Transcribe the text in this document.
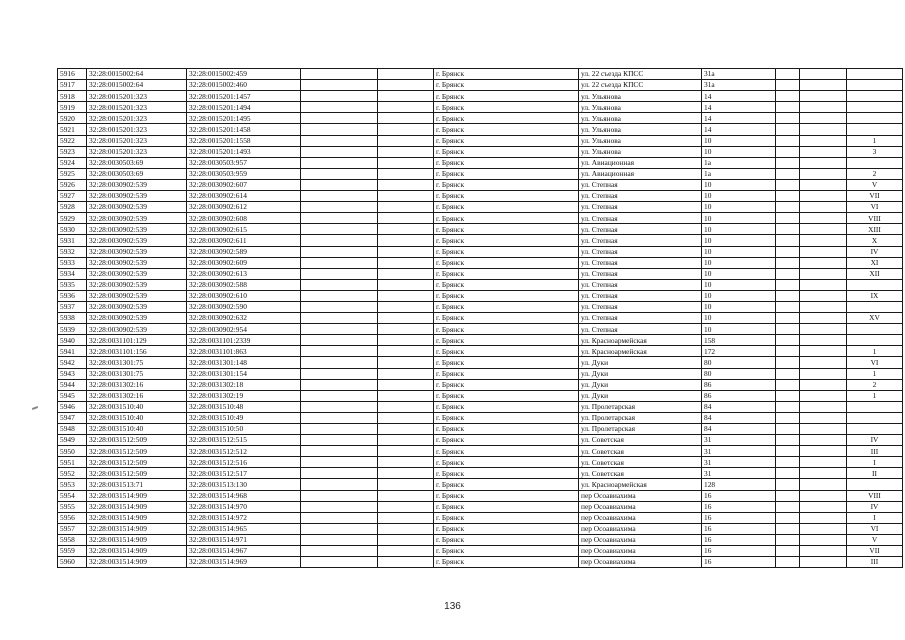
5916	32:28:0015002:64	32:28:0015002:459			г. Брянск	ул. 22 съезда КПСС	31а			
5917	32:28:0015002:64	32:28:0015002:460			г. Брянск	ул. 22 съезда КПСС	31а			
5918	32:28:0015201:323	32:28:0015201:1457			г. Брянск	ул. Ульянова	14			
5919	32:28:0015201:323	32:28:0015201:1494			г. Брянск	ул. Ульянова	14			
5920	32:28:0015201:323	32:28:0015201:1495			г. Брянск	ул. Ульянова	14			
5921	32:28:0015201:323	32:28:0015201:1458			г. Брянск	ул. Ульянова	14			
5922	32:28:0015201:323	32:28:0015201:1558			г. Брянск	ул. Ульянова	10			1
5923	32:28:0015201:323	32:28:0015201:1493			г. Брянск	ул. Ульянова	10			3
5924	32:28:0030503:69	32:28:0030503:957			г. Брянск	ул. Авиационная	1а			
5925	32:28:0030503:69	32:28:0030503:959			г. Брянск	ул. Авиационная	1а			2
5926	32:28:0030902:539	32:28:0030902:607			г. Брянск	ул. Степная	10			V
5927	32:28:0030902:539	32:28:0030902:614			г. Брянск	ул. Степная	10			VII
5928	32:28:0030902:539	32:28:0030902:612			г. Брянск	ул. Степная	10			VI
5929	32:28:0030902:539	32:28:0030902:608			г. Брянск	ул. Степная	10			VIII
5930	32:28:0030902:539	32:28:0030902:615			г. Брянск	ул. Степная	10			XIII
5931	32:28:0030902:539	32:28:0030902:611			г. Брянск	ул. Степная	10			X
5932	32:28:0030902:539	32:28:0030902:589			г. Брянск	ул. Степная	10			IV
5933	32:28:0030902:539	32:28:0030902:609			г. Брянск	ул. Степная	10			XI
5934	32:28:0030902:539	32:28:0030902:613			г. Брянск	ул. Степная	10			XII
5935	32:28:0030902:539	32:28:0030902:588			г. Брянск	ул. Степная	10			
5936	32:28:0030902:539	32:28:0030902:610			г. Брянск	ул. Степная	10			IX
5937	32:28:0030902:539	32:28:0030902:590			г. Брянск	ул. Степная	10			
5938	32:28:0030902:539	32:28:0030902:632			г. Брянск	ул. Степная	10			XV
5939	32:28:0030902:539	32:28:0030902:954			г. Брянск	ул. Степная	10			
5940	32:28:0031101:129	32:28:0031101:2339			г. Брянск	ул. Красноармейская	158			
5941	32:28:0031101:156	32:28:0031101:863			г. Брянск	ул. Красноармейская	172			1
5942	32:28:0031301:75	32:28:0031301:148			г. Брянск	ул. Дуки	80			VI
5943	32:28:0031301:75	32:28:0031301:154			г. Брянск	ул. Дуки	80			1
5944	32:28:0031302:16	32:28:0031302:18			г. Брянск	ул. Дуки	86			2
5945	32:28:0031302:16	32:28:0031302:19			г. Брянск	ул. Дуки	86			1
5946	32:28:0031510:40	32:28:0031510:48			г. Брянск	ул. Пролетарская	84			
5947	32:28:0031510:40	32:28:0031510:49			г. Брянск	ул. Пролетарская	84			
5948	32:28:0031510:40	32:28:0031510:50			г. Брянск	ул. Пролетарская	84			
5949	32:28:0031512:509	32:28:0031512:515			г. Брянск	ул. Советская	31			IV
5950	32:28:0031512:509	32:28:0031512:512			г. Брянск	ул. Советская	31			III
5951	32:28:0031512:509	32:28:0031512:516			г. Брянск	ул. Советская	31			I
5952	32:28:0031512:509	32:28:0031512:517			г. Брянск	ул. Советская	31			II
5953	32:28:0031513:71	32:28:0031513:130			г. Брянск	ул. Красноармейская	128			
5954	32:28:0031514:909	32:28:0031514:968			г. Брянск	пер Осоавиахима	16			VIII
5955	32:28:0031514:909	32:28:0031514:970			г. Брянск	пер Осоавиахима	16			IV
5956	32:28:0031514:909	32:28:0031514:972			г. Брянск	пер Осоавиахима	16			I
5957	32:28:0031514:909	32:28:0031514:965			г. Брянск	пер Осоавиахима	16			VI
5958	32:28:0031514:909	32:28:0031514:971			г. Брянск	пер Осоавиахима	16			V
5959	32:28:0031514:909	32:28:0031514:967			г. Брянск	пер Осоавиахима	16			VII
5960	32:28:0031514:909	32:28:0031514:969			г. Брянск	пер Осоавиахима	16			III
136
